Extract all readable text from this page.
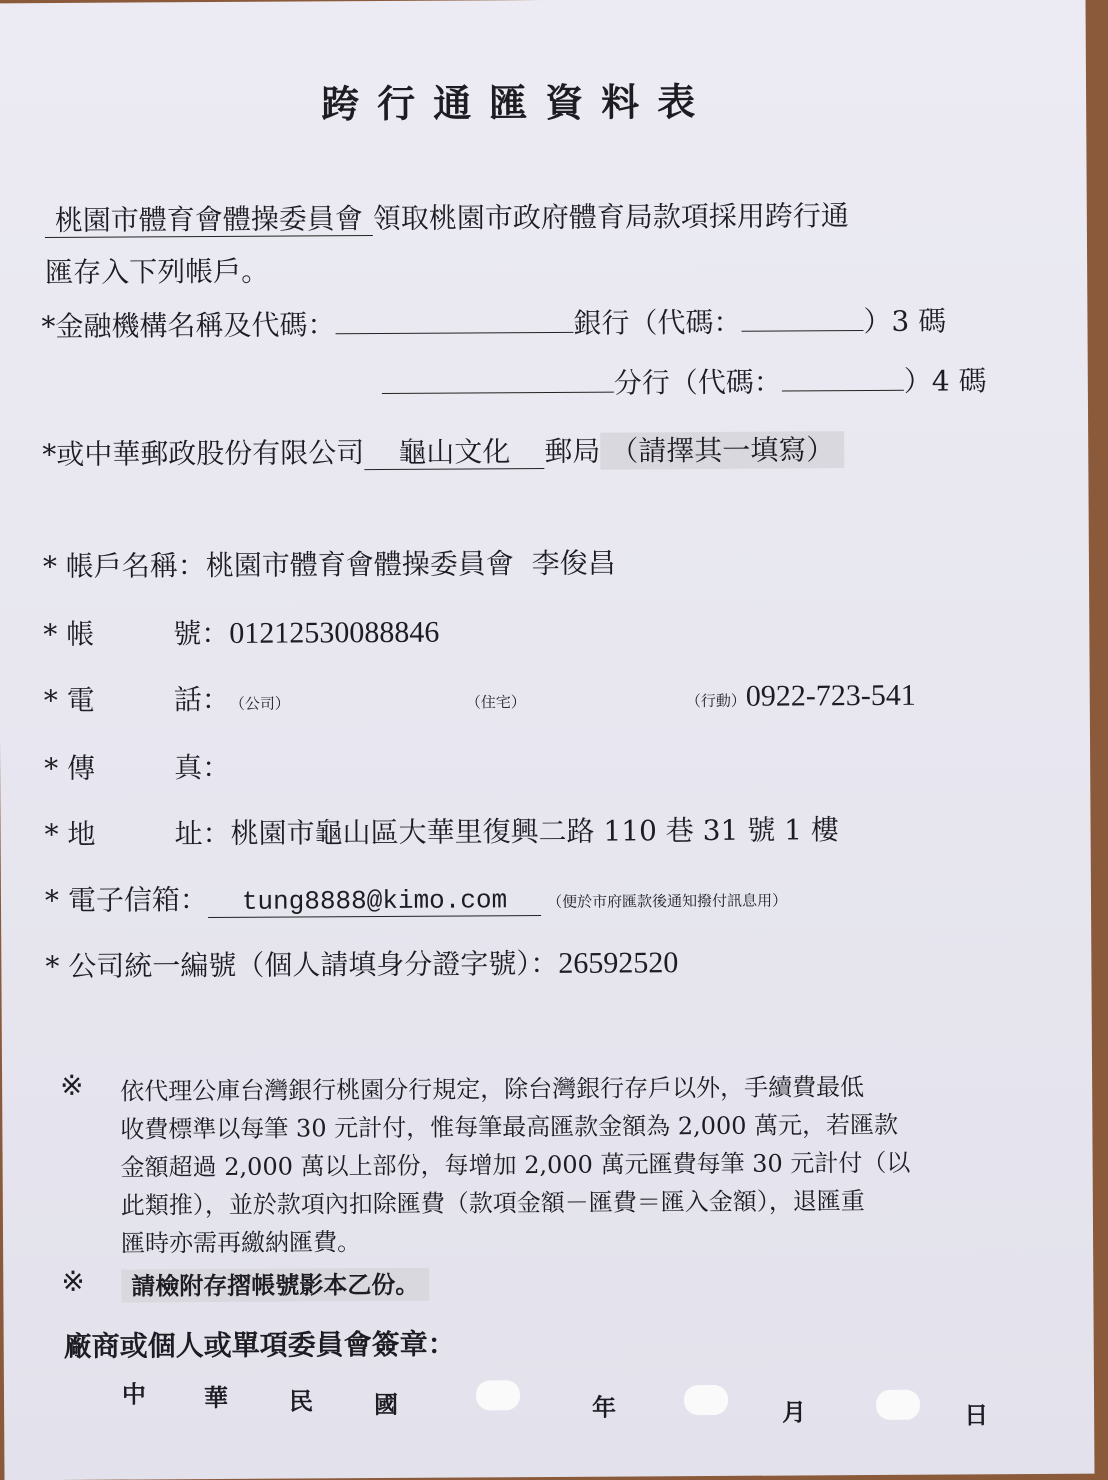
跨行通匯資料表
桃園市體育會體操委員會 領取桃園市政府體育局款項採用跨行通
匯存入下列帳戶。
*金融機構名稱及代碼：	銀行（代碼：	）3 碼
分行（代碼：	）4 碼
*或中華郵政股份有限公司 龜山文化 郵局 （請擇其一填寫）
* 帳戶名稱：桃園市體育會體操委員會  李俊昌
* 帳	號：01212530088846
* 電	話：（公司）	（住宅）	（行動）0922-723-541
* 傳	真：
* 地	址：桃園市龜山區大華里復興二路 110 巷 31 號 1 樓
* 電子信箱： tung8888@kimo.com	（便於市府匯款後通知撥付訊息用）
* 公司統一編號（個人請填身分證字號）：26592520
※ 依代理公庫台灣銀行桃園分行規定，除台灣銀行存戶以外，手續費最低
收費標準以每筆 30 元計付，惟每筆最高匯款金額為 2,000 萬元，若匯款
金額超過 2,000 萬以上部份，每增加 2,000 萬元匯費每筆 30 元計付（以
此類推），並於款項內扣除匯費（款項金額－匯費＝匯入金額），退匯重
匯時亦需再繳納匯費。
※	請檢附存摺帳號影本乙份。
廠商或個人或單項委員會簽章：
中 華	民	國	年	月	日
